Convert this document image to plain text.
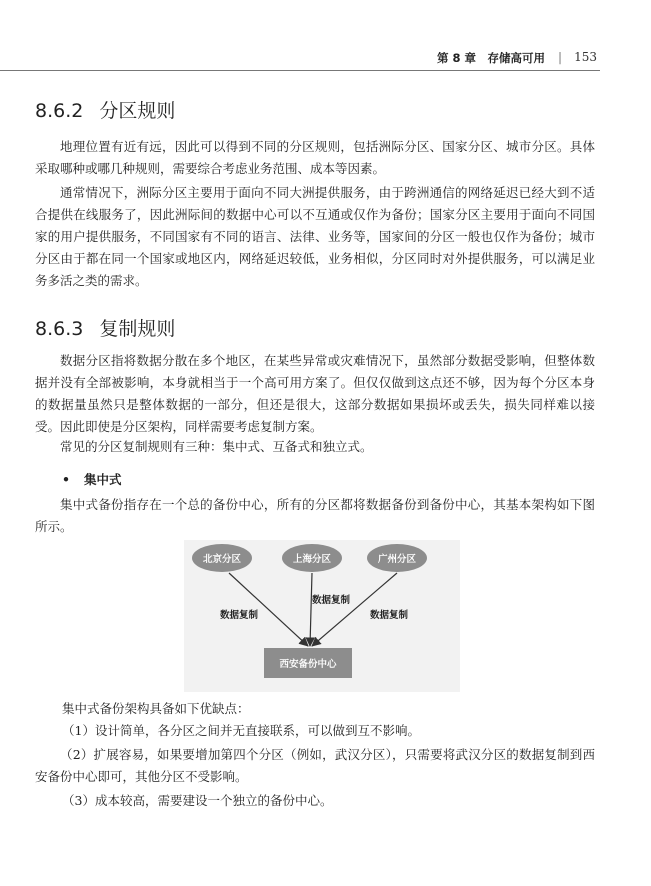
第 8 章　存储高可用 | 153
8.6.2 分区规则

地理位置有近有远，因此可以得到不同的分区规则，包括洲际分区、国家分区、城市分区。具体采取哪种或哪几种规则，需要综合考虑业务范围、成本等因素。

通常情况下，洲际分区主要用于面向不同大洲提供服务，由于跨洲通信的网络延迟已经大到不适合提供在线服务了，因此洲际间的数据中心可以不互通或仅作为备份；国家分区主要用于面向不同国家的用户提供服务，不同国家有不同的语言、法律、业务等，国家间的分区一般也仅作为备份；城市分区由于都在同一个国家或地区内，网络延迟较低，业务相似，分区同时对外提供服务，可以满足业务多活之类的需求。

8.6.3 复制规则

数据分区指将数据分散在多个地区，在某些异常或灾难情况下，虽然部分数据受影响，但整体数据并没有全部被影响，本身就相当于一个高可用方案了。但仅仅做到这点还不够，因为每个分区本身的数据量虽然只是整体数据的一部分，但还是很大，这部分数据如果损坏或丢失，损失同样难以接受。因此即使是分区架构，同样需要考虑复制方案。

常见的分区复制规则有三种：集中式、互备式和独立式。

• 集中式

集中式备份指存在一个总的备份中心，所有的分区都将数据备份到备份中心，其基本架构如下图所示。

北京分区	上海分区	广州分区
西安备份中心
数据复制
数据复制
数据复制

集中式备份架构具备如下优缺点：

（1）设计简单，各分区之间并无直接联系，可以做到互不影响。

（2）扩展容易，如果要增加第四个分区（例如，武汉分区），只需要将武汉分区的数据复制到西安备份中心即可，其他分区不受影响。

（3）成本较高，需要建设一个独立的备份中心。
